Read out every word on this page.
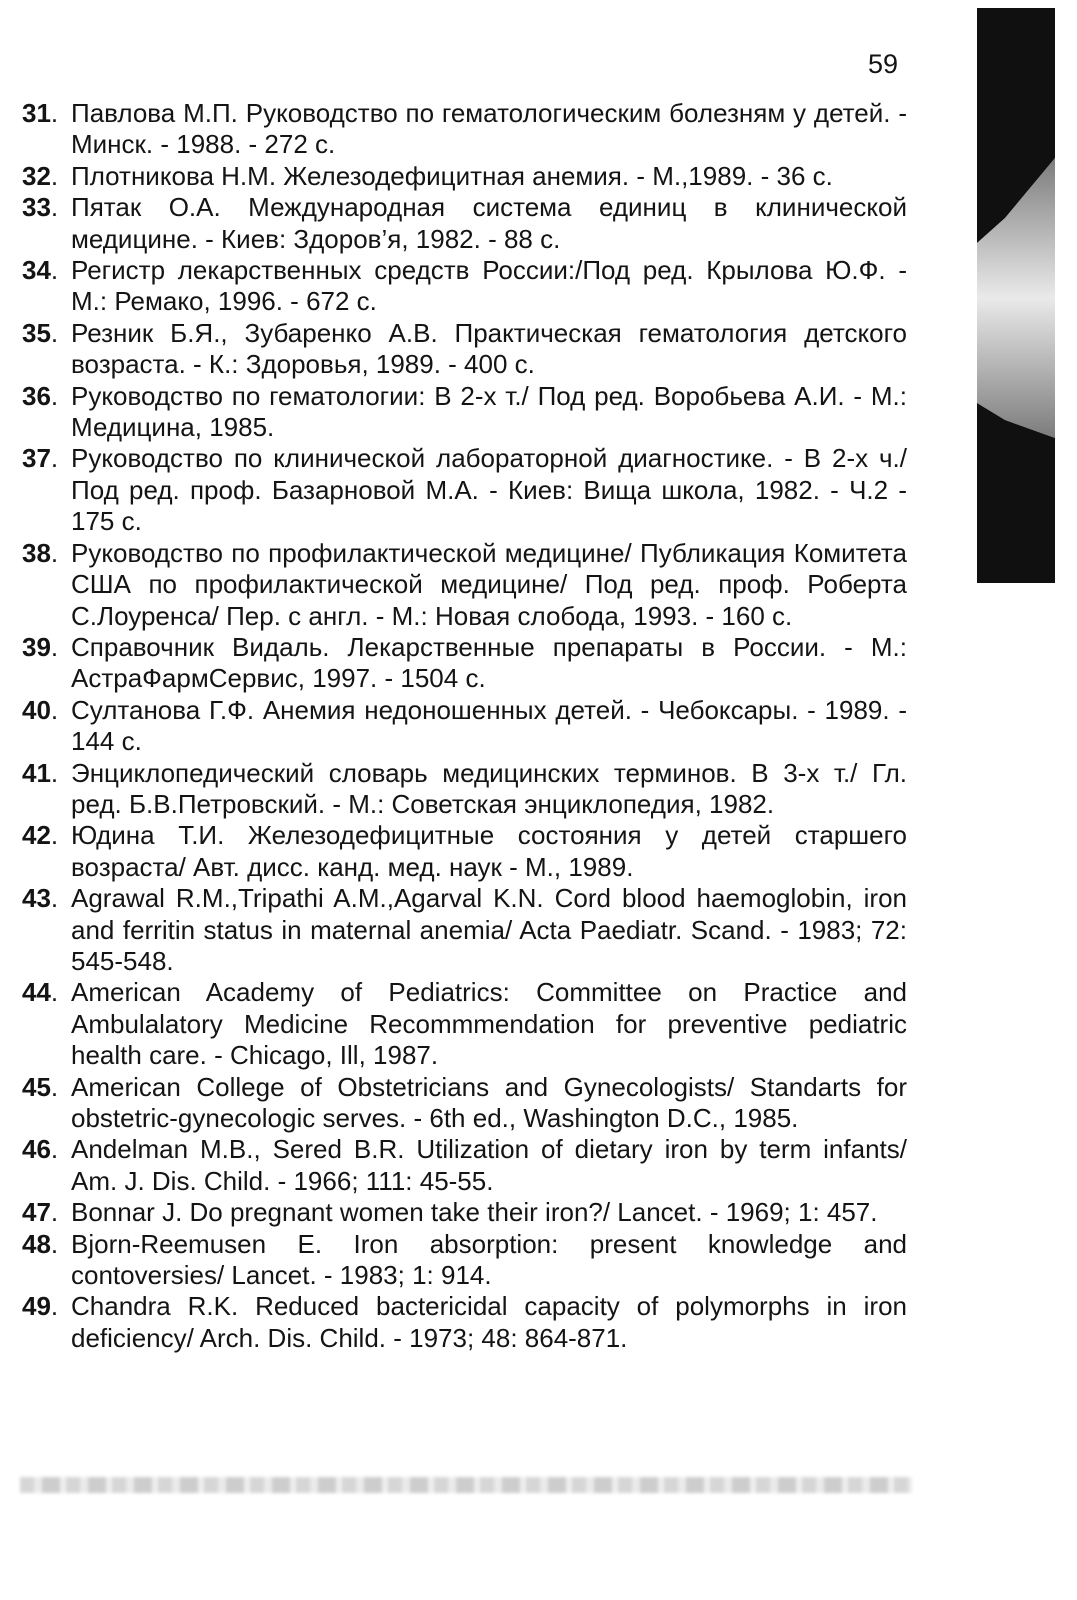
59
31. Павлова М.П. Руководство по гематологическим болезням у детей. - Минск. - 1988. - 272 с.
32. Плотникова Н.М. Железодефицитная анемия. - М.,1989. - 36 с.
33. Пятак О.А. Международная система единиц в клинической медицине. - Киев: Здоров’я, 1982. - 88 с.
34. Регистр лекарственных средств России:/Под ред. Крылова Ю.Ф. - М.: Ремако, 1996. - 672 с.
35. Резник Б.Я., Зубаренко А.В. Практическая гематология детского возраста. - К.: Здоровья, 1989. - 400 с.
36. Руководство по гематологии: В 2-х т./ Под ред. Воробьева А.И. - М.: Медицина, 1985.
37. Руководство по клинической лабораторной диагностике. - В 2-х ч./ Под ред. проф. Базарновой М.А. - Киев: Вища школа, 1982. - Ч.2 - 175 с.
38. Руководство по профилактической медицине/ Публикация Комитета США по профилактической медицине/ Под ред. проф. Роберта С.Лоуренса/ Пер. с англ. - М.: Новая слобода, 1993. - 160 с.
39. Справочник Видаль. Лекарственные препараты в России. - М.: АстраФармСервис, 1997. - 1504 с.
40. Султанова Г.Ф. Анемия недоношенных детей. - Чебоксары. - 1989. - 144 с.
41. Энциклопедический словарь медицинских терминов. В 3-х т./ Гл. ред. Б.В.Петровский. - М.: Советская энциклопедия, 1982.
42. Юдина Т.И. Железодефицитные состояния у детей старшего возраста/ Авт. дисс. канд. мед. наук - М., 1989.
43. Agrawal R.M.,Tripathi A.M.,Agarval K.N. Cord blood haemoglobin, iron and ferritin status in maternal anemia/ Acta Paediatr. Scand. - 1983; 72: 545-548.
44. American Academy of Pediatrics: Committee on Practice and Ambulalatory Medicine Recommmendation for preventive pediatric health care. - Chicago, Ill, 1987.
45. American College of Obstetricians and Gynecologists/ Standarts for obstetric-gynecologic serves. - 6th ed., Washington D.C., 1985.
46. Andelman M.B., Sered B.R. Utilization of dietary iron by term infants/ Am. J. Dis. Child. - 1966; 111: 45-55.
47. Bonnar J. Do pregnant women take their iron?/ Lancet. - 1969; 1: 457.
48. Bjorn-Reemusen E. Iron absorption: present knowledge and contoversies/ Lancet. - 1983; 1: 914.
49. Chandra R.K. Reduced bactericidal capacity of polymorphs in iron deficiency/ Arch. Dis. Child. - 1973; 48: 864-871.
